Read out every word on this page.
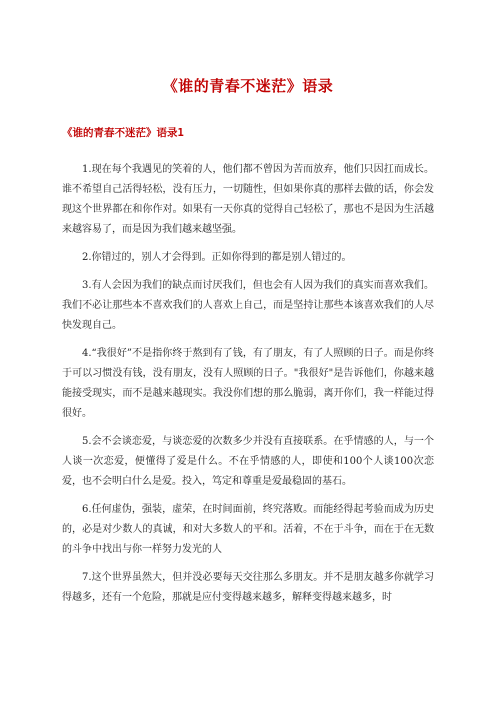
《谁的青春不迷茫》语录
《谁的青春不迷茫》语录1

1.现在每个我遇见的笑着的人，他们都不曾因为苦而放弃，他们只因扛而成长。谁不希望自己活得轻松，没有压力，一切随性，但如果你真的那样去做的话，你会发现这个世界都在和你作对。如果有一天你真的觉得自己轻松了，那也不是因为生活越来越容易了，而是因为我们越来越坚强。

2.你错过的，别人才会得到。正如你得到的都是别人错过的。

3.有人会因为我们的缺点而讨厌我们，但也会有人因为我们的真实而喜欢我们。我们不必让那些本不喜欢我们的人喜欢上自己，而是坚持让那些本该喜欢我们的人尽快发现自己。

4.“我很好”不是指你终于熬到有了钱，有了朋友，有了人照顾的日子。而是你终于可以习惯没有钱，没有朋友，没有人照顾的日子。"我很好"是告诉他们，你越来越能接受现实，而不是越来越现实。我没你们想的那么脆弱，离开你们，我一样能过得很好。

5.会不会谈恋爱，与谈恋爱的次数多少并没有直接联系。在乎情感的人，与一个人谈一次恋爱，便懂得了爱是什么。不在乎情感的人，即使和100个人谈100次恋爱，也不会明白什么是爱。投入，笃定和尊重是爱最稳固的基石。

6.任何虚伪，强装，虚荣，在时间面前，终究落败。而能经得起考验而成为历史的，必是对少数人的真诚，和对大多数人的平和。活着，不在于斗争，而在于在无数的斗争中找出与你一样努力发光的人

7.这个世界虽然大，但并没必要每天交往那么多朋友。并不是朋友越多你就学习得越多，还有一个危险，那就是应付变得越来越多，解释变得越来越多，时
